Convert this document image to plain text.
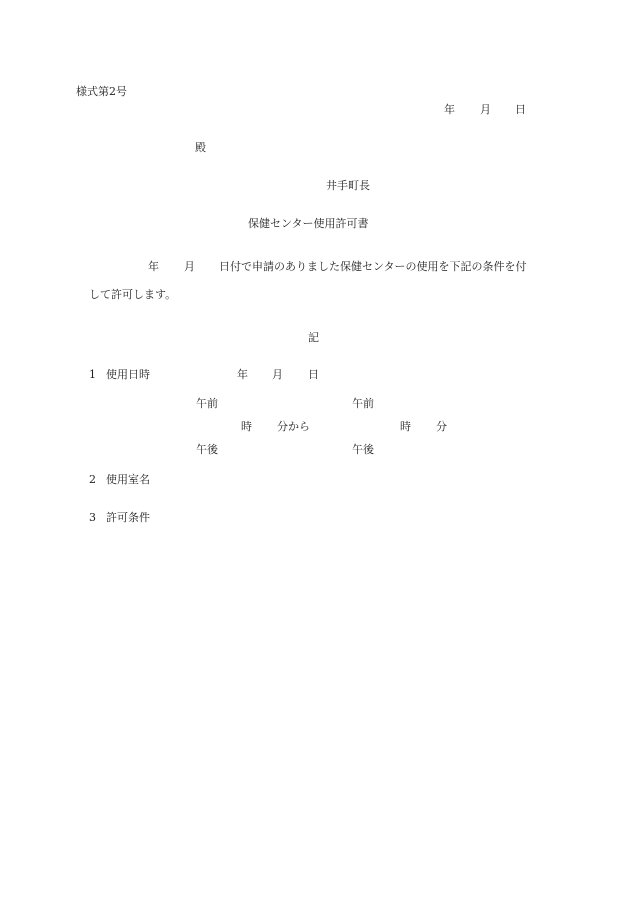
様式第2号
年 月 日
殿
井手町長
保健センター使用許可書
年 月 日付で申請のありました保健センターの使用を下記の条件を付
して許可します。
記
1 使用日時	年 月 日
午前	午前
時 分から	時 分
午後	午後
2 使用室名
3 許可条件
